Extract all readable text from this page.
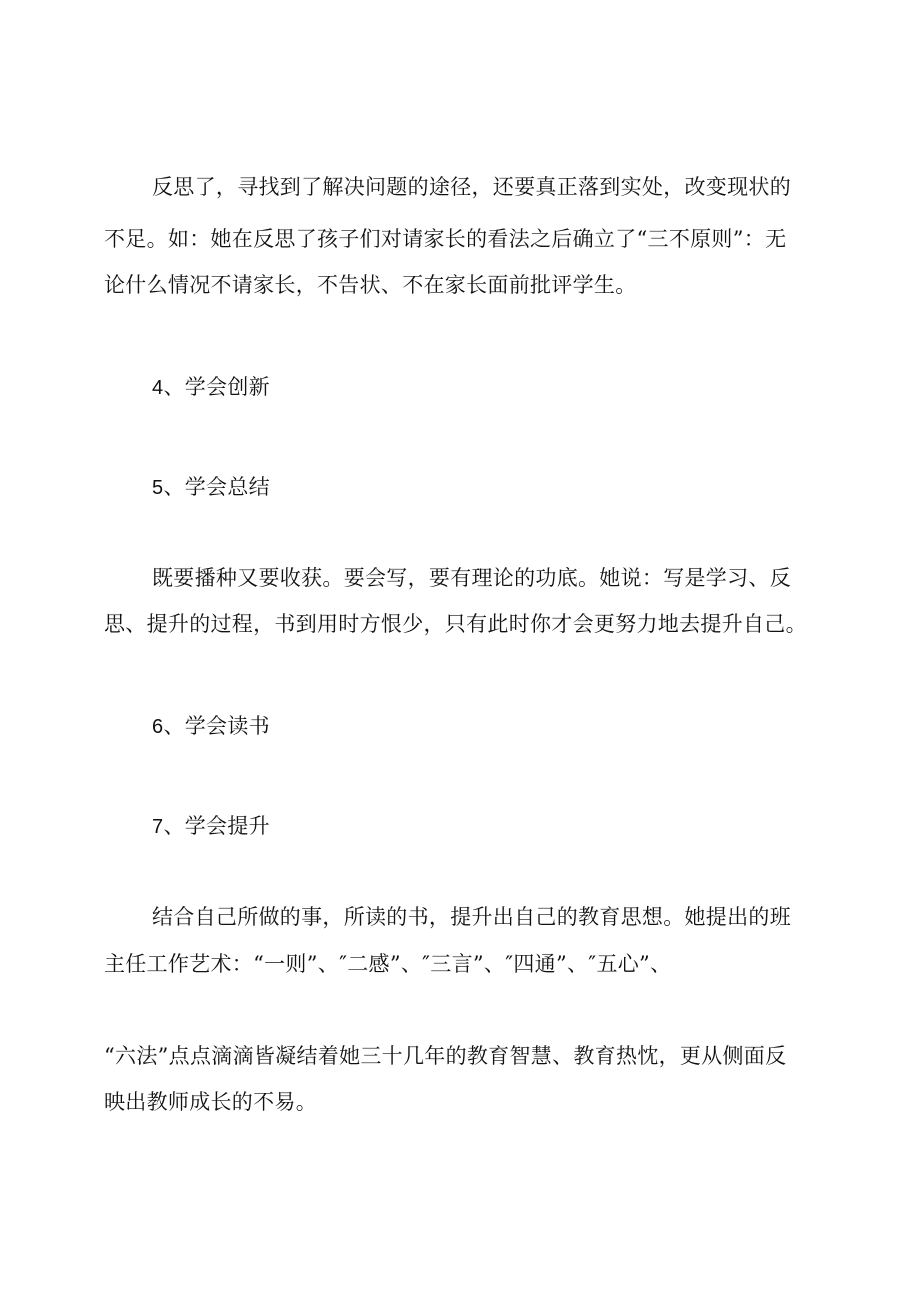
反思了，寻找到了解决问题的途径，还要真正落到实处，改变现状的
不足。如：她在反思了孩子们对请家长的看法之后确立了“三不原则”：无
论什么情况不请家长，不告状、不在家长面前批评学生。
4、学会创新
5、学会总结
既要播种又要收获。要会写，要有理论的功底。她说：写是学习、反
思、提升的过程，书到用时方恨少，只有此时你才会更努力地去提升自己。
6、学会读书
7、学会提升
结合自己所做的事，所读的书，提升出自己的教育思想。她提出的班
主任工作艺术：“一则”、″二感”、″三言”、″四通”、″五心”、
“六法”点点滴滴皆凝结着她三十几年的教育智慧、教育热忱，更从侧面反
映出教师成长的不易。
